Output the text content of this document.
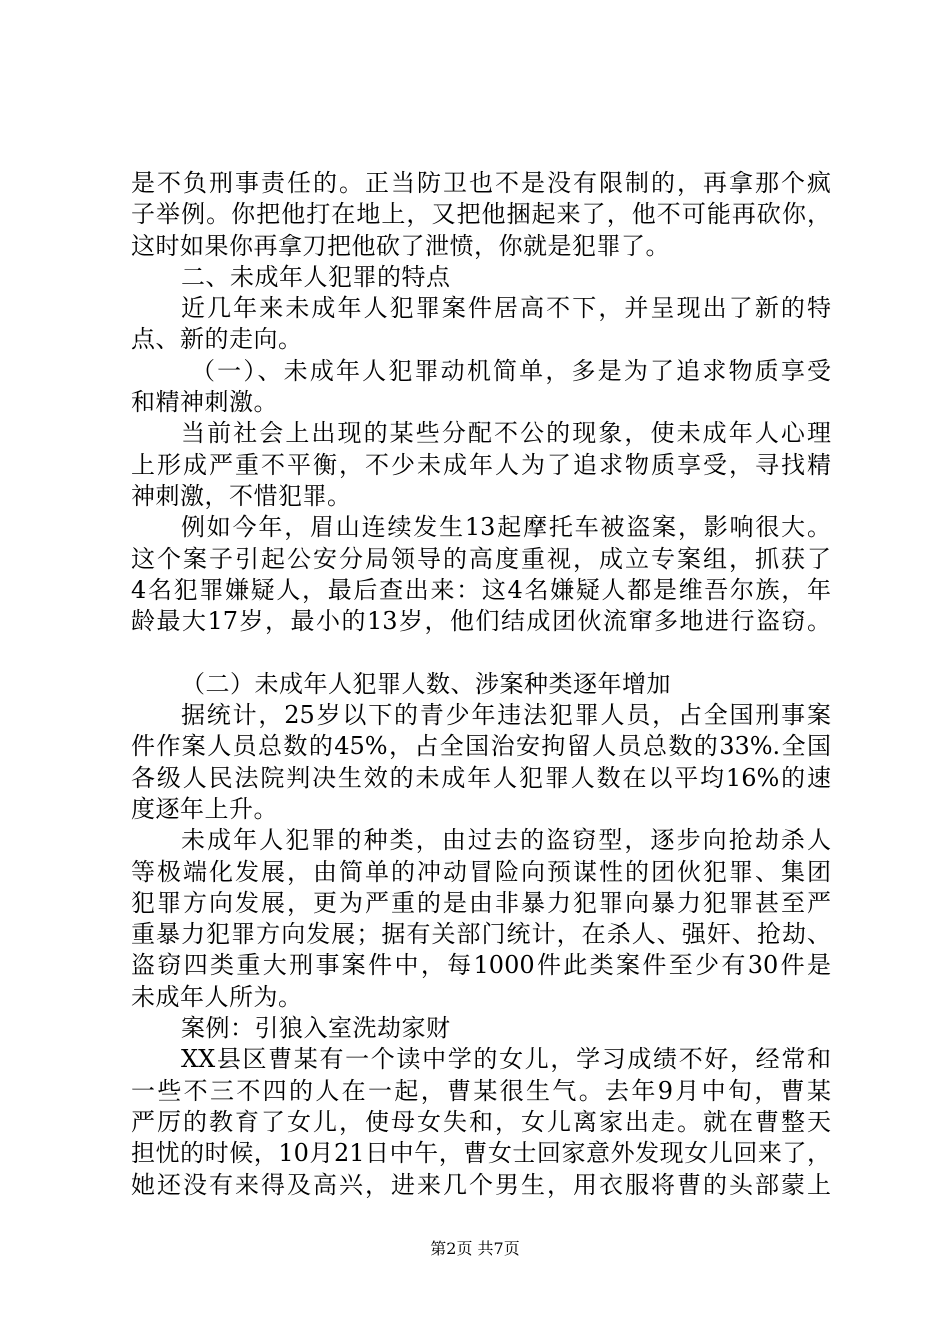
是不负刑事责任的。正当防卫也不是没有限制的，再拿那个疯
子举例。你把他打在地上，又把他捆起来了，他不可能再砍你，
这时如果你再拿刀把他砍了泄愤，你就是犯罪了。
二、未成年人犯罪的特点
近几年来未成年人犯罪案件居高不下，并呈现出了新的特
点、新的走向。
（一）、未成年人犯罪动机简单，多是为了追求物质享受
和精神刺激。
当前社会上出现的某些分配不公的现象，使未成年人心理
上形成严重不平衡，不少未成年人为了追求物质享受，寻找精
神刺激，不惜犯罪。
例如今年，眉山连续发生13起摩托车被盗案，影响很大。
这个案子引起公安分局领导的高度重视，成立专案组，抓获了
4名犯罪嫌疑人，最后查出来：这4名嫌疑人都是维吾尔族，年
龄最大17岁，最小的13岁，他们结成团伙流窜多地进行盗窃。
（二）未成年人犯罪人数、涉案种类逐年增加
据统计，25岁以下的青少年违法犯罪人员，占全国刑事案
件作案人员总数的45%，占全国治安拘留人员总数的33%.全国
各级人民法院判决生效的未成年人犯罪人数在以平均16%的速
度逐年上升。
未成年人犯罪的种类，由过去的盗窃型，逐步向抢劫杀人
等极端化发展，由简单的冲动冒险向预谋性的团伙犯罪、集团
犯罪方向发展，更为严重的是由非暴力犯罪向暴力犯罪甚至严
重暴力犯罪方向发展；据有关部门统计，在杀人、强奸、抢劫、
盗窃四类重大刑事案件中，每1000件此类案件至少有30件是
未成年人所为。
案例：引狼入室洗劫家财
XX县区曹某有一个读中学的女儿，学习成绩不好，经常和
一些不三不四的人在一起，曹某很生气。去年9月中旬，曹某
严厉的教育了女儿，使母女失和，女儿离家出走。就在曹整天
担忧的时候，10月21日中午，曹女士回家意外发现女儿回来了，
她还没有来得及高兴，进来几个男生，用衣服将曹的头部蒙上
第2页 共7页
